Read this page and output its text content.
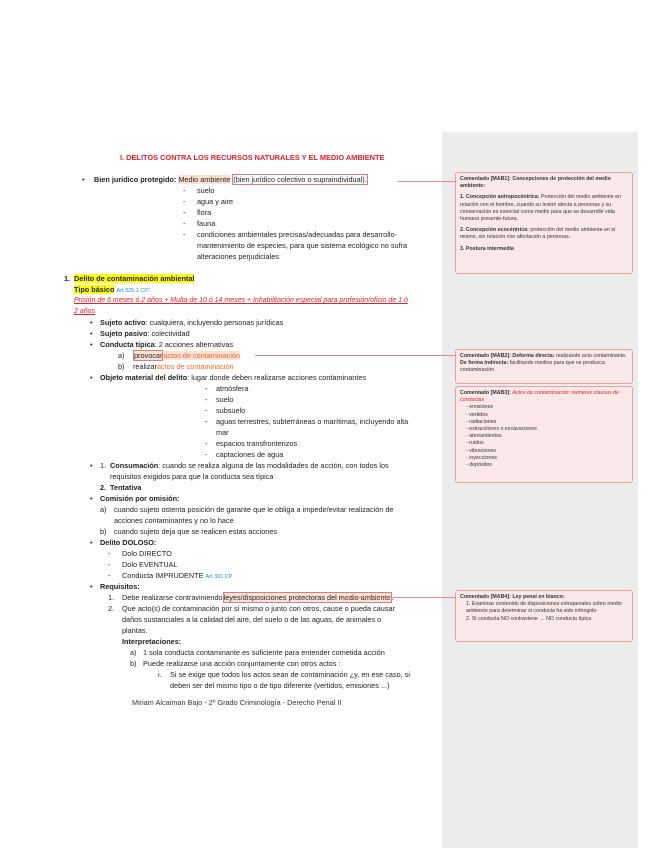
I. DELITOS CONTRA LOS RECURSOS NATURALES Y EL MEDIO AMBIENTE
• Bien jurídico protegido: Medio ambiente (bien jurídico colectivo o supraindividual).
- suelo
- agua y aire
- flora
- fauna
- condiciones ambientales precisas/adecuadas para desarrollo-
mantenimiento de especies, para que sistema ecológico no sufra
alteraciones perjudiciales
1. Delito de contaminación ambiental
Tipo básico Art 325.1 CP:
Prisión de 6 meses ó 2 años + Multa de 10 ó 14 meses + Inhabilitación especial para profesión/oficio de 1 ó
2 años
• Sujeto activo: cualquiera, incluyendo personas jurídicas
• Sujeto pasivo: colectividad
• Conducta típica: 2 acciones alternativas
a) provocaractos de contaminación
b) realizaractos de contaminación
• Objeto material del delito: lugar donde deben realizarse acciones contaminantes
- atmósfera
- suelo
- subsuelo
- aguas terrestres, subterráneas o marítimas, incluyendo alta
mar
- espacios transfronterizos
- captaciones de agua
• 1. Consumación: cuando se realiza alguna de las modalidades de acción, con todos los
requisitos exigidos para que la conducta sea típica
2. Tentativa
• Comisión por omisión:
a) cuando sujeto ostenta posición de garante que le obliga a impedir/evitar realización de
acciones contaminantes y no lo hace
b) cuando sujeto deja que se realicen estas acciones
• Delito DOLOSO:
- Dolo DIRECTO
- Dolo EVENTUAL
- Conducta IMPRUDENTE Art 331 CP
• Requisitos:
1. Debe realizarse contraviniendoleyes/disposiciones protectoras del medio ambiente.
2. Que acto(s) de contaminación por sí mismo o junto con otros, cause o pueda causar
daños sustanciales a la calidad del aire, del suelo o de las aguas, de animales o
plantas.
Interpretaciones:
a) 1 sola conducta contaminante es suficiente para entender cometida acción
b) Puede realizarse una acción conjuntamente con otros actos :
i. Si se exige que todos los actos sean de contaminación ¿y, en ese caso, si
deben ser del mismo tipo o de tipo diferente (vertidos, emisiones ...)
Miriam Alcaiman Bajo - 2º Grado Criminología - Derecho Penal II
Comentado [MAB1]: Concepciones de protección del medio ambiente:
1. Concepción antropocéntrica: Protección del medio ambiente en relación con el hombre, cuando su lesión afecta a personas y su conservación es esencial como medio para que se desarrolle vida humana presente-futura.
2. Concepción ecocéntrica: protección del medio ambiente en sí mismo, sin relación con afectación a personas.
3. Postura intermedia
Comentado [MAB2]: Deforma directa: realizando acto contaminante.
De forma indirecta: facilitando medios para que se produzca contaminación
Comentado [MAB3]: Actos de contaminación: numerus clausus de conductas
- emisiones
- vertidos
- radiaciones
- extracciones o excavaciones
- aterramientos
- ruidos
- vibraciones
- inyecciones
- depósitos
Comentado [MAB4]: Ley penal en blanco:
1. Examinar contenido de disposiciones extrapenales sobre medio ambiente para determinar si conducta ha sido infringido
2. Si conducta NO contraviene → NO conducta típica
